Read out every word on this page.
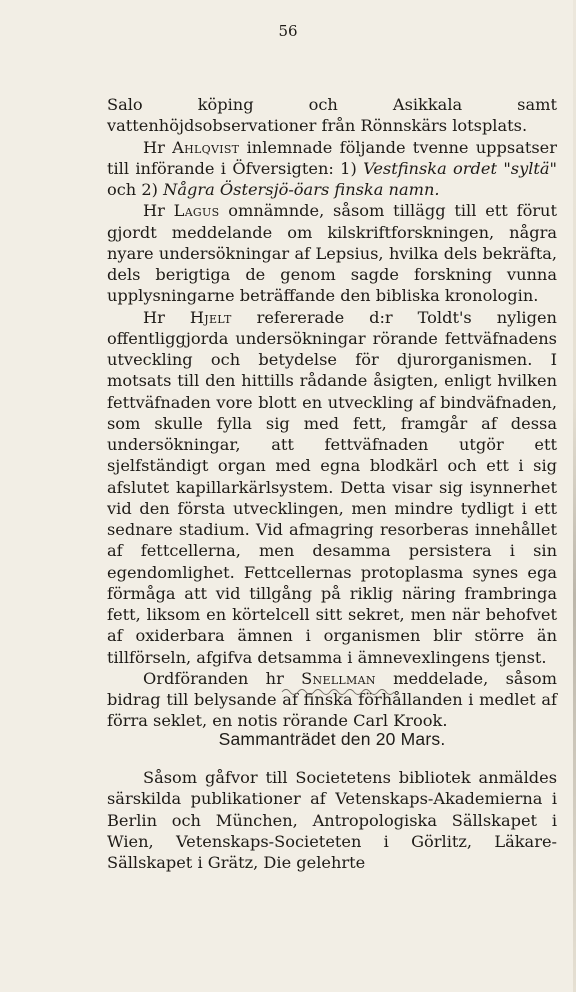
56

Salo köping och Asikkala samt vattenhöjdsobservationer från Rönnskärs lotsplats.

Hr Ahlqvist inlemnade följande tvenne uppsatser till införande i Öfversigten: 1) Vestfinska ordet "syltä" och 2) Några Östersjö-öars finska namn.

Hr Lagus omnämnde, såsom tillägg till ett förut gjordt meddelande om kilskriftforskningen, några nyare undersökningar af Lepsius, hvilka dels bekräfta, dels berigtiga de genom sagde forskning vunna upplysningarne beträffande den bibliska kronologin.

Hr Hjelt refererade d:r Toldt's nyligen offentliggjorda undersökningar rörande fettväfnadens utveckling och betydelse för djurorganismen. I motsats till den hittills rådande åsigten, enligt hvilken fettväfnaden vore blott en utveckling af bindväfnaden, som skulle fylla sig med fett, framgår af dessa undersökningar, att fettväfnaden utgör ett sjelfständigt organ med egna blodkärl och ett i sig afslutet kapillarkärlsystem. Detta visar sig isynnerhet vid den första utvecklingen, men mindre tydligt i ett sednare stadium. Vid afmagring resorberas innehållet af fettcellerna, men desamma persistera i sin egendomlighet. Fettcellernas protoplasma synes ega förmåga att vid tillgång på riklig näring frambringa fett, liksom en körtelcell sitt sekret, men när behofvet af oxiderbara ämnen i organismen blir större än tillförseln, afgifva detsamma i ämnevexlingens tjenst.

Ordföranden hr Snellman meddelade, såsom bidrag till belysande af finska förhållanden i medlet af förra seklet, en notis rörande Carl Krook.

Sammanträdet den 20 Mars.

Såsom gåfvor till Societetens bibliotek anmäldes särskilda publikationer af Vetenskaps-Akademierna i Berlin och München, Antropologiska Sällskapet i Wien, Vetenskaps-Societeten i Görlitz, Läkare-Sällskapet i Grätz, Die gelehrte
